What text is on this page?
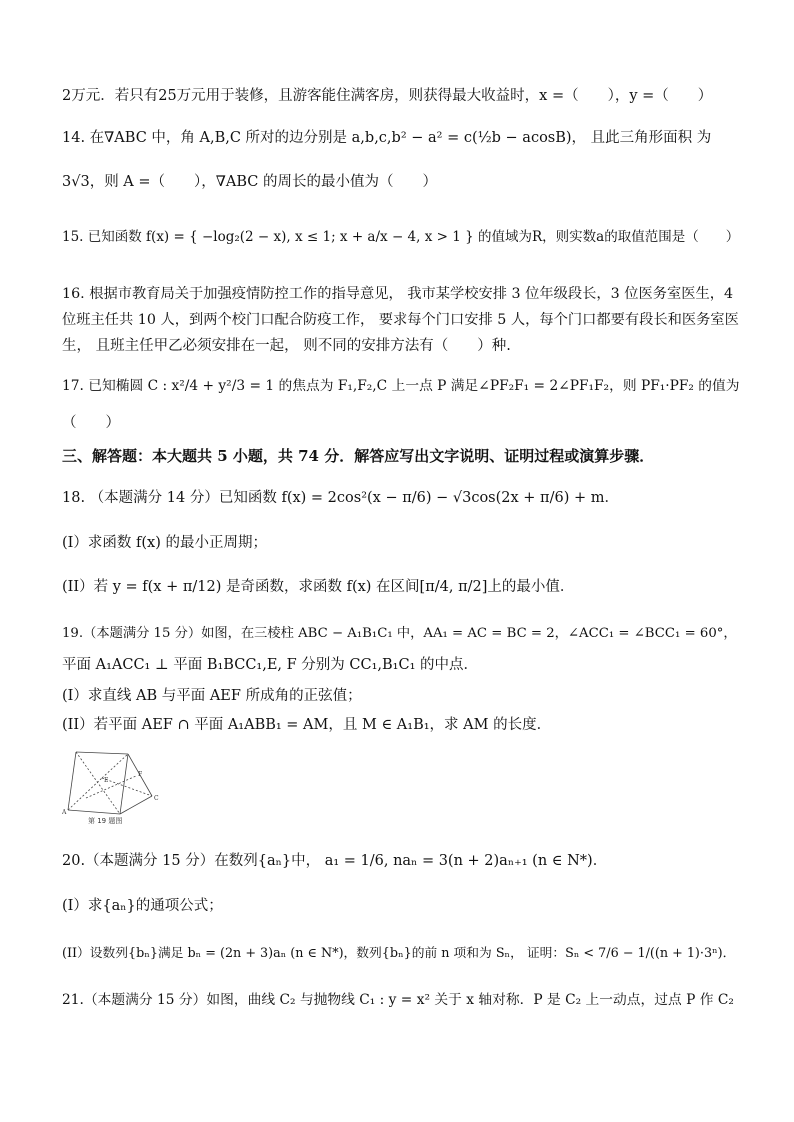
2万元．若只有25万元用于装修，且游客能住满客房，则获得最大收益时，x =（　　），y =（　　）
14. 在∇ABC 中，角 A,B,C 所对的边分别是 a,b,c,b² − a² = c(½b − acosB)， 且此三角形面积 为
3√3，则 A =（　　），∇ABC 的周长的最小值为（　　）
15. 已知函数 f(x) = { −log₂(2 − x), x ≤ 1; x + a/x − 4, x > 1 } 的值域为R，则实数a的取值范围是（　　）
16. 根据市教育局关于加强疫情防控工作的指导意见， 我市某学校安排 3 位年级段长，3 位医务室医生，4
位班主任共 10 人，到两个校门口配合防疫工作， 要求每个门口安排 5 人，每个门口都要有段长和医务室医
生， 且班主任甲乙必须安排在一起， 则不同的安排方法有（　　）种.
17. 已知椭圆 C : x²/4 + y²/3 = 1 的焦点为 F₁,F₂,C 上一点 P 满足∠PF₂F₁ = 2∠PF₁F₂，则 PF₁·PF₂ 的值为
（　　）
三、解答题：本大题共 5 小题，共 74 分．解答应写出文字说明、证明过程或演算步骤．
18. （本题满分 14 分）已知函数 f(x) = 2cos²(x − π/6) − √3cos(2x + π/6) + m．
(I）求函数 f(x) 的最小正周期；
(II）若 y = f(x + π/12) 是奇函数，求函数 f(x) 在区间[π/4, π/2]上的最小值．
19.（本题满分 15 分）如图，在三棱柱 ABC − A₁B₁C₁ 中，AA₁ = AC = BC = 2，∠ACC₁ = ∠BCC₁ = 60°，
平面 A₁ACC₁ ⊥ 平面 B₁BCC₁,E, F 分别为 CC₁,B₁C₁ 的中点．
(I）求直线 AB 与平面 AEF 所成角的正弦值；
(II）若平面 AEF ∩ 平面 A₁ABB₁ = AM，且 M ∈ A₁B₁，求 AM 的长度．
A
C
E
F
第 19 题图
20.（本题满分 15 分）在数列{aₙ}中， a₁ = 1/6, naₙ = 3(n + 2)aₙ₊₁ (n ∈ N*)．
(I）求{aₙ}的通项公式；
(II）设数列{bₙ}满足 bₙ = (2n + 3)aₙ (n ∈ N*)，数列{bₙ}的前 n 项和为 Sₙ， 证明：Sₙ < 7/6 − 1/((n + 1)·3ⁿ)．
21.（本题满分 15 分）如图，曲线 C₂ 与抛物线 C₁ : y = x² 关于 x 轴对称．P 是 C₂ 上一动点，过点 P 作 C₂
